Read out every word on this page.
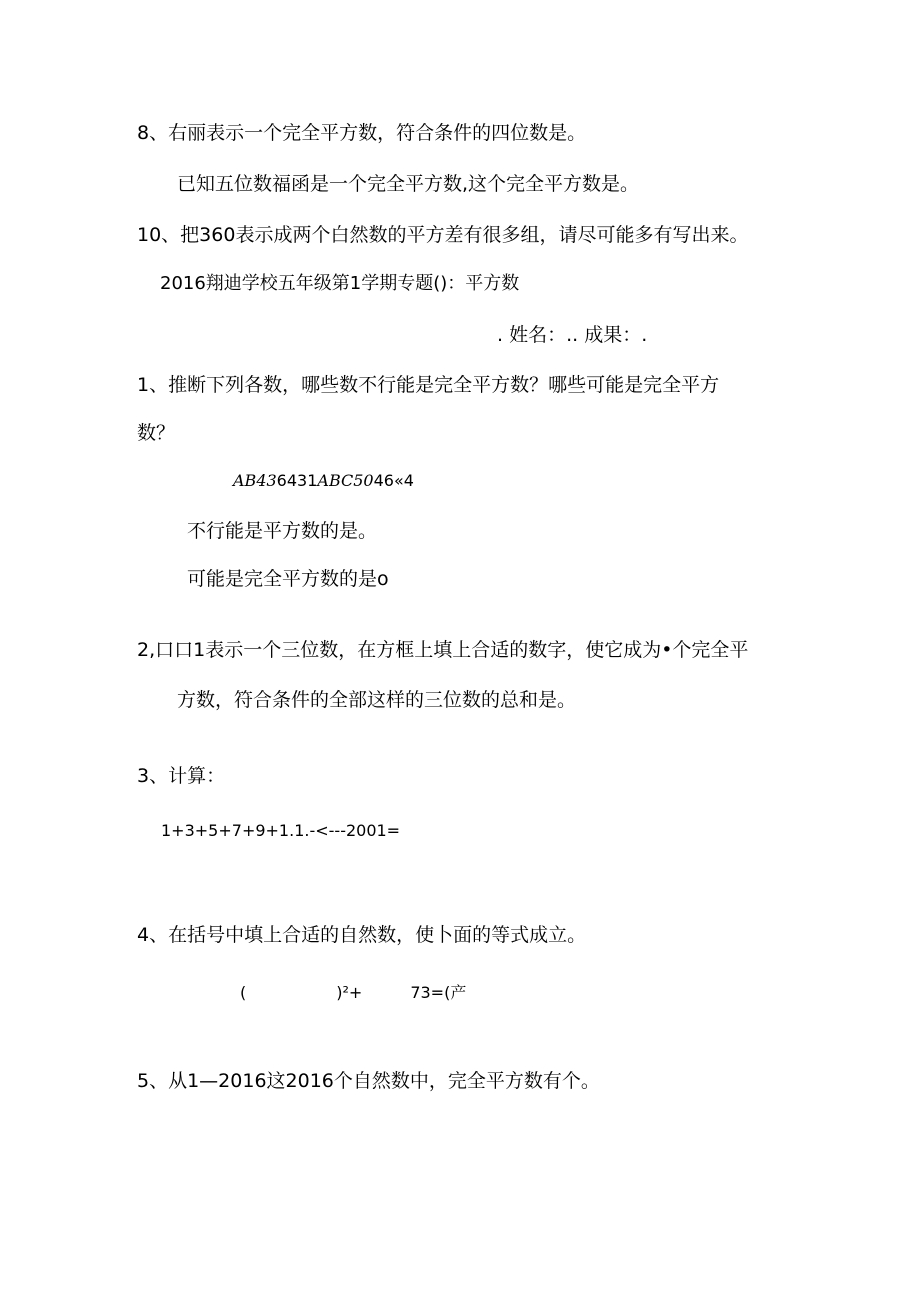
8、右丽表示一个完全平方数，符合条件的四位数是。
已知五位数福函是一个完全平方数,这个完全平方数是。
10、把360表示成两个白然数的平方差有很多组，请尽可能多有写出来。
2016翔迪学校五年级第1学期专题()：平方数
. 姓名：.. 成果：.
1、推断下列各数，哪些数不行能是完全平方数？哪些可能是完全平方
数？
AB436431ABC5046«4
不行能是平方数的是。
可能是完全平方数的是o
2,口口1表示一个三位数，在方框上填上合适的数字，使它成为•个完全平
方数，符合条件的全部这样的三位数的总和是。
3、计算：
1+3+5+7+9+1.1.-<---2001=
4、在括号中填上合适的自然数，使卜面的等式成立。
(	)²+	73=(产
5、从1—2016这2016个自然数中，完全平方数有个。
